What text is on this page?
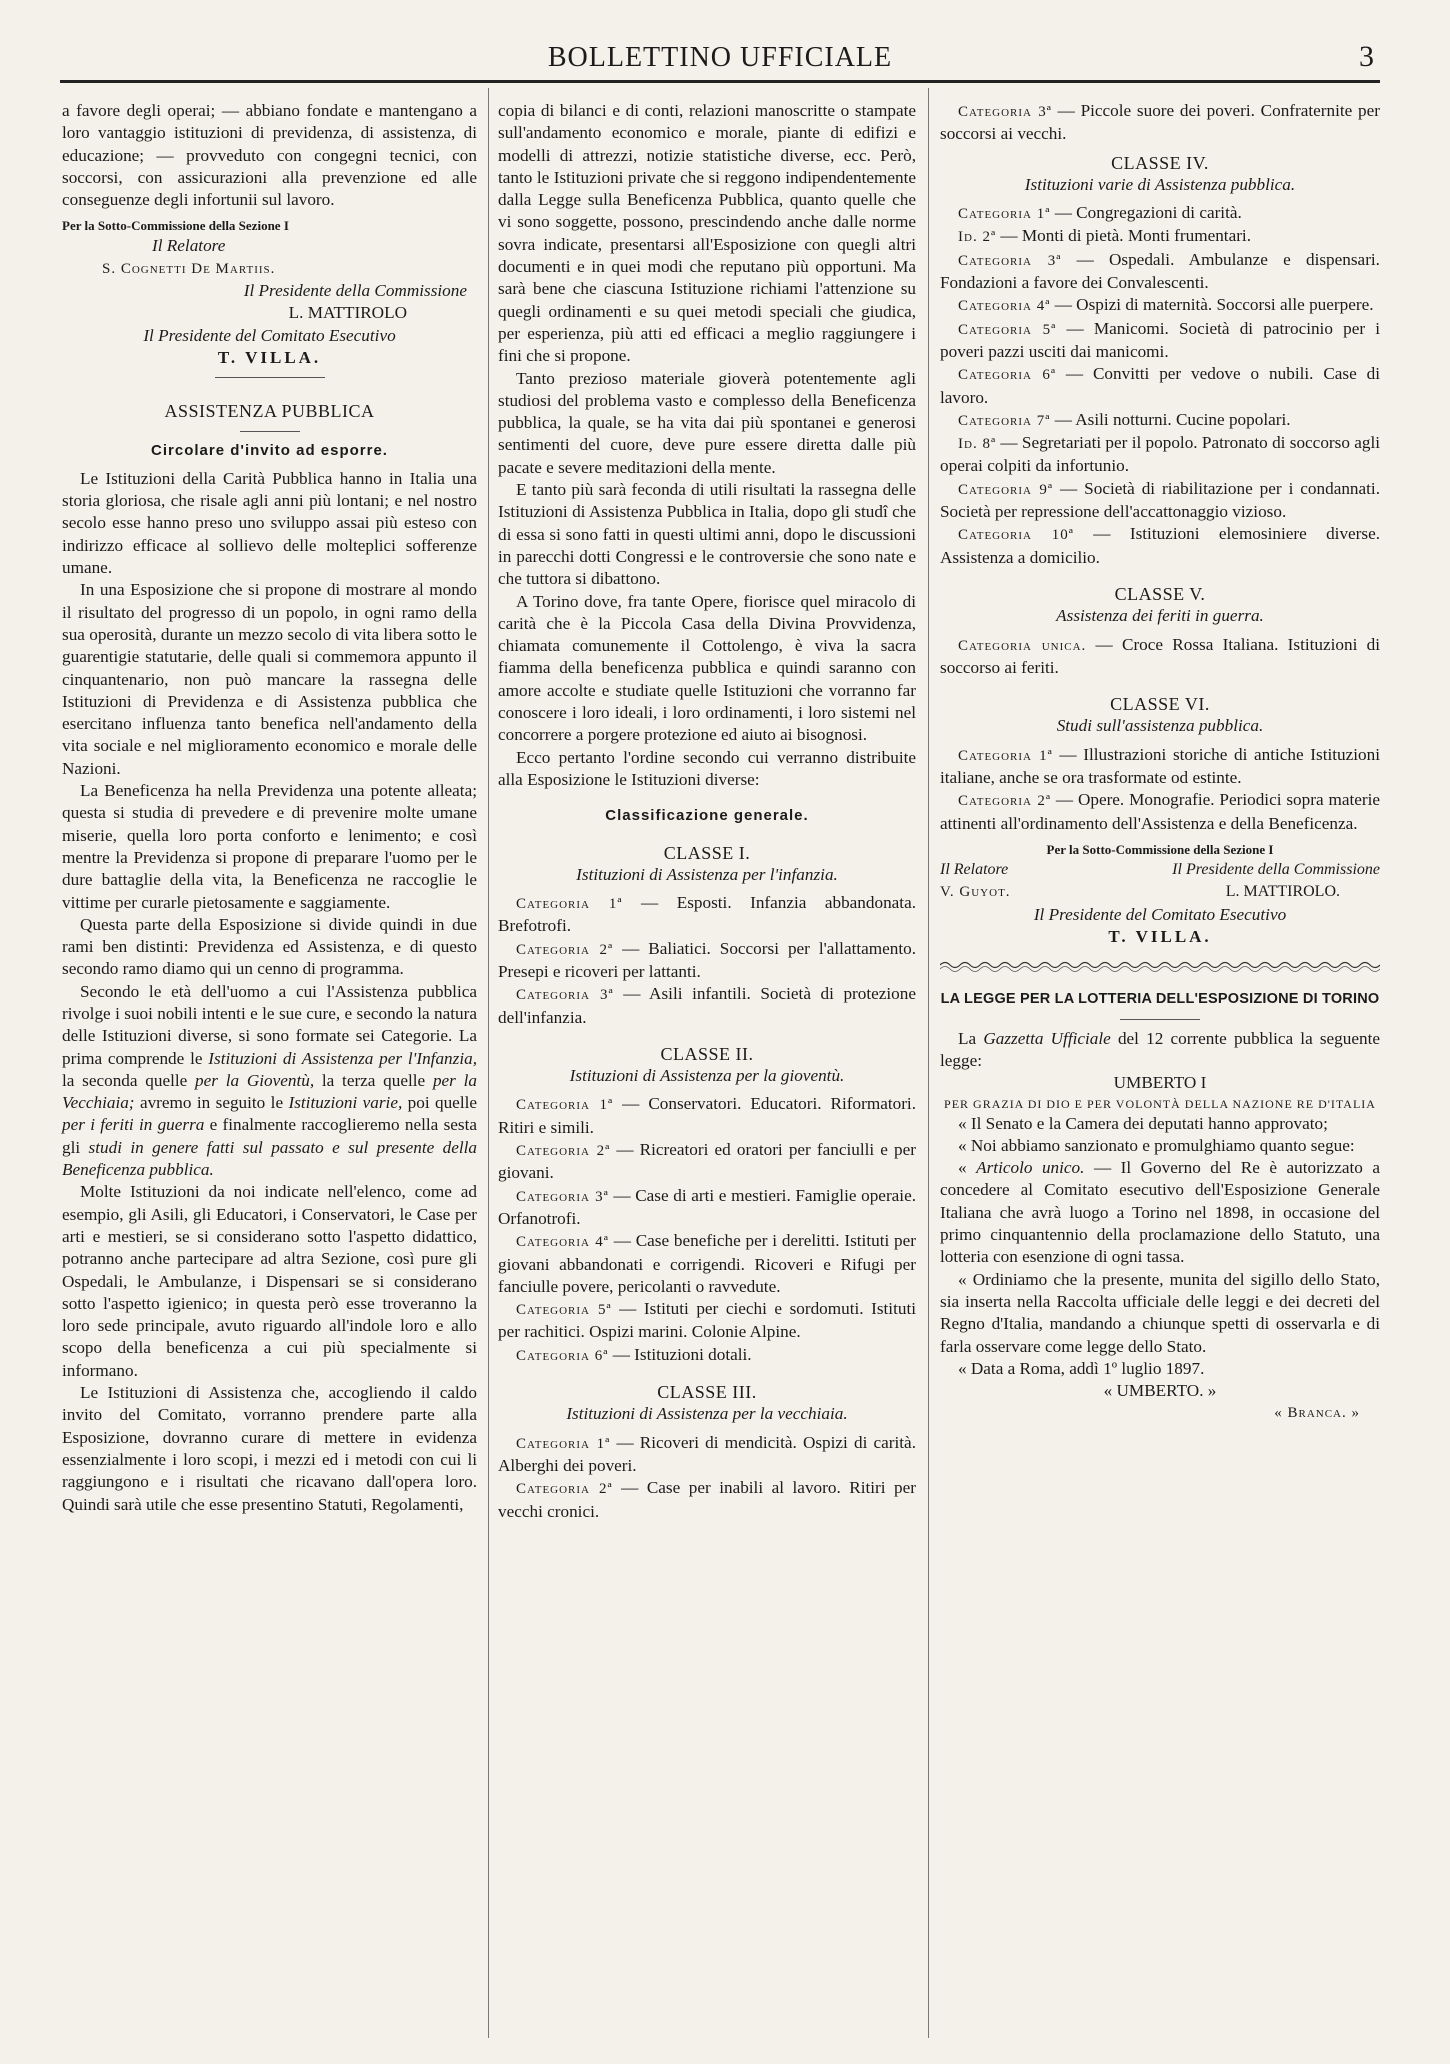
BOLLETTINO UFFICIALE	3

a favore degli operai; — abbiano fondate e mantengano a loro vantaggio istituzioni di previdenza, di assistenza, di educazione; — provveduto con congegni tecnici, con soccorsi, con assicurazioni alla prevenzione ed alle conseguenze degli infortunii sul lavoro.

Per la Sotto-Commissione della Sezione I

Il Relatore

S. Cognetti De Martiis.

Il Presidente della Commissione

L. MATTIROLO

Il Presidente del Comitato Esecutivo

T. VILLA.

ASSISTENZA PUBBLICA

Circolare d'invito ad esporre.

Le Istituzioni della Carità Pubblica hanno in Italia una storia gloriosa, che risale agli anni più lontani; e nel nostro secolo esse hanno preso uno sviluppo assai più esteso con indirizzo efficace al sollievo delle molteplici sofferenze umane.

In una Esposizione che si propone di mostrare al mondo il risultato del progresso di un popolo, in ogni ramo della sua operosità, durante un mezzo secolo di vita libera sotto le guarentigie statutarie, delle quali si commemora appunto il cinquantenario, non può mancare la rassegna delle Istituzioni di Previdenza e di Assistenza pubblica che esercitano influenza tanto benefica nell'andamento della vita sociale e nel miglioramento economico e morale delle Nazioni.

La Beneficenza ha nella Previdenza una potente alleata; questa si studia di prevedere e di prevenire molte umane miserie, quella loro porta conforto e lenimento; e così mentre la Previdenza si propone di preparare l'uomo per le dure battaglie della vita, la Beneficenza ne raccoglie le vittime per curarle pietosamente e saggiamente.

Questa parte della Esposizione si divide quindi in due rami ben distinti: Previdenza ed Assistenza, e di questo secondo ramo diamo qui un cenno di programma.

Secondo le età dell'uomo a cui l'Assistenza pubblica rivolge i suoi nobili intenti e le sue cure, e secondo la natura delle Istituzioni diverse, si sono formate sei Categorie. La prima comprende le Istituzioni di Assistenza per l'Infanzia, la seconda quelle per la Gioventù, la terza quelle per la Vecchiaia; avremo in seguito le Istituzioni varie, poi quelle per i feriti in guerra e finalmente raccoglieremo nella sesta gli studi in genere fatti sul passato e sul presente della Beneficenza pubblica.

Molte Istituzioni da noi indicate nell'elenco, come ad esempio, gli Asili, gli Educatori, i Conservatori, le Case per arti e mestieri, se si considerano sotto l'aspetto didattico, potranno anche partecipare ad altra Sezione, così pure gli Ospedali, le Ambulanze, i Dispensari se si considerano sotto l'aspetto igienico; in questa però esse troveranno la loro sede principale, avuto riguardo all'indole loro e allo scopo della beneficenza a cui più specialmente si informano.

Le Istituzioni di Assistenza che, accogliendo il caldo invito del Comitato, vorranno prendere parte alla Esposizione, dovranno curare di mettere in evidenza essenzialmente i loro scopi, i mezzi ed i metodi con cui li raggiungono e i risultati che ricavano dall'opera loro. Quindi sarà utile che esse presentino Statuti, Regolamenti,

copia di bilanci e di conti, relazioni manoscritte o stampate sull'andamento economico e morale, piante di edifizi e modelli di attrezzi, notizie statistiche diverse, ecc. Però, tanto le Istituzioni private che si reggono indipendentemente dalla Legge sulla Beneficenza Pubblica, quanto quelle che vi sono soggette, possono, prescindendo anche dalle norme sovra indicate, presentarsi all'Esposizione con quegli altri documenti e in quei modi che reputano più opportuni. Ma sarà bene che ciascuna Istituzione richiami l'attenzione su quegli ordinamenti e su quei metodi speciali che giudica, per esperienza, più atti ed efficaci a meglio raggiungere i fini che si propone.

Tanto prezioso materiale gioverà potentemente agli studiosi del problema vasto e complesso della Beneficenza pubblica, la quale, se ha vita dai più spontanei e generosi sentimenti del cuore, deve pure essere diretta dalle più pacate e severe meditazioni della mente.

E tanto più sarà feconda di utili risultati la rassegna delle Istituzioni di Assistenza Pubblica in Italia, dopo gli studî che di essa si sono fatti in questi ultimi anni, dopo le discussioni in parecchi dotti Congressi e le controversie che sono nate e che tuttora si dibattono.

A Torino dove, fra tante Opere, fiorisce quel miracolo di carità che è la Piccola Casa della Divina Provvidenza, chiamata comunemente il Cottolengo, è viva la sacra fiamma della beneficenza pubblica e quindi saranno con amore accolte e studiate quelle Istituzioni che vorranno far conoscere i loro ideali, i loro ordinamenti, i loro sistemi nel concorrere a porgere protezione ed aiuto ai bisognosi.

Ecco pertanto l'ordine secondo cui verranno distribuite alla Esposizione le Istituzioni diverse:

Classificazione generale.

CLASSE I.

Istituzioni di Assistenza per l'infanzia.

Categoria 1ª — Esposti. Infanzia abbandonata. Brefotrofi.

Categoria 2ª — Baliatici. Soccorsi per l'allattamento. Presepi e ricoveri per lattanti.

Categoria 3ª — Asili infantili. Società di protezione dell'infanzia.

CLASSE II.

Istituzioni di Assistenza per la gioventù.

Categoria 1ª — Conservatori. Educatori. Riformatori. Ritiri e simili.

Categoria 2ª — Ricreatori ed oratori per fanciulli e per giovani.

Categoria 3ª — Case di arti e mestieri. Famiglie operaie. Orfanotrofi.

Categoria 4ª — Case benefiche per i derelitti. Istituti per giovani abbandonati e corrigendi. Ricoveri e Rifugi per fanciulle povere, pericolanti o ravvedute.

Categoria 5ª — Istituti per ciechi e sordomuti. Istituti per rachitici. Ospizi marini. Colonie Alpine.

Categoria 6ª — Istituzioni dotali.

CLASSE III.

Istituzioni di Assistenza per la vecchiaia.

Categoria 1ª — Ricoveri di mendicità. Ospizi di carità. Alberghi dei poveri.

Categoria 2ª — Case per inabili al lavoro. Ritiri per vecchi cronici.

Categoria 3ª — Piccole suore dei poveri. Confraternite per soccorsi ai vecchi.

CLASSE IV.

Istituzioni varie di Assistenza pubblica.

Categoria 1ª — Congregazioni di carità.

Id. 2ª — Monti di pietà. Monti frumentari.

Categoria 3ª — Ospedali. Ambulanze e dispensari. Fondazioni a favore dei Convalescenti.

Categoria 4ª — Ospizi di maternità. Soccorsi alle puerpere.

Categoria 5ª — Manicomi. Società di patrocinio per i poveri pazzi usciti dai manicomi.

Categoria 6ª — Convitti per vedove o nubili. Case di lavoro.

Categoria 7ª — Asili notturni. Cucine popolari.

Id. 8ª — Segretariati per il popolo. Patronato di soccorso agli operai colpiti da infortunio.

Categoria 9ª — Società di riabilitazione per i condannati. Società per repressione dell'accattonaggio vizioso.

Categoria 10ª — Istituzioni elemosiniere diverse. Assistenza a domicilio.

CLASSE V.

Assistenza dei feriti in guerra.

Categoria unica. — Croce Rossa Italiana. Istituzioni di soccorso ai feriti.

CLASSE VI.

Studi sull'assistenza pubblica.

Categoria 1ª — Illustrazioni storiche di antiche Istituzioni italiane, anche se ora trasformate od estinte.

Categoria 2ª — Opere. Monografie. Periodici sopra materie attinenti all'ordinamento dell'Assistenza e della Beneficenza.

Per la Sotto-Commissione della Sezione I

Il Relatore	Il Presidente della Commissione
V. Guyot.	L. MATTIROLO.

Il Presidente del Comitato Esecutivo

T. VILLA.

LA LEGGE PER LA LOTTERIA DELL'ESPOSIZIONE DI TORINO

La Gazzetta Ufficiale del 12 corrente pubblica la seguente legge:

UMBERTO I

PER GRAZIA DI DIO E PER VOLONTÀ DELLA NAZIONE RE D'ITALIA

« Il Senato e la Camera dei deputati hanno approvato;

« Noi abbiamo sanzionato e promulghiamo quanto segue:

« Articolo unico. — Il Governo del Re è autorizzato a concedere al Comitato esecutivo dell'Esposizione Generale Italiana che avrà luogo a Torino nel 1898, in occasione del primo cinquantennio della proclamazione dello Statuto, una lotteria con esenzione di ogni tassa.

« Ordiniamo che la presente, munita del sigillo dello Stato, sia inserta nella Raccolta ufficiale delle leggi e dei decreti del Regno d'Italia, mandando a chiunque spetti di osservarla e di farla osservare come legge dello Stato.

« Data a Roma, addì 1º luglio 1897.

« UMBERTO. »

« Branca. »
